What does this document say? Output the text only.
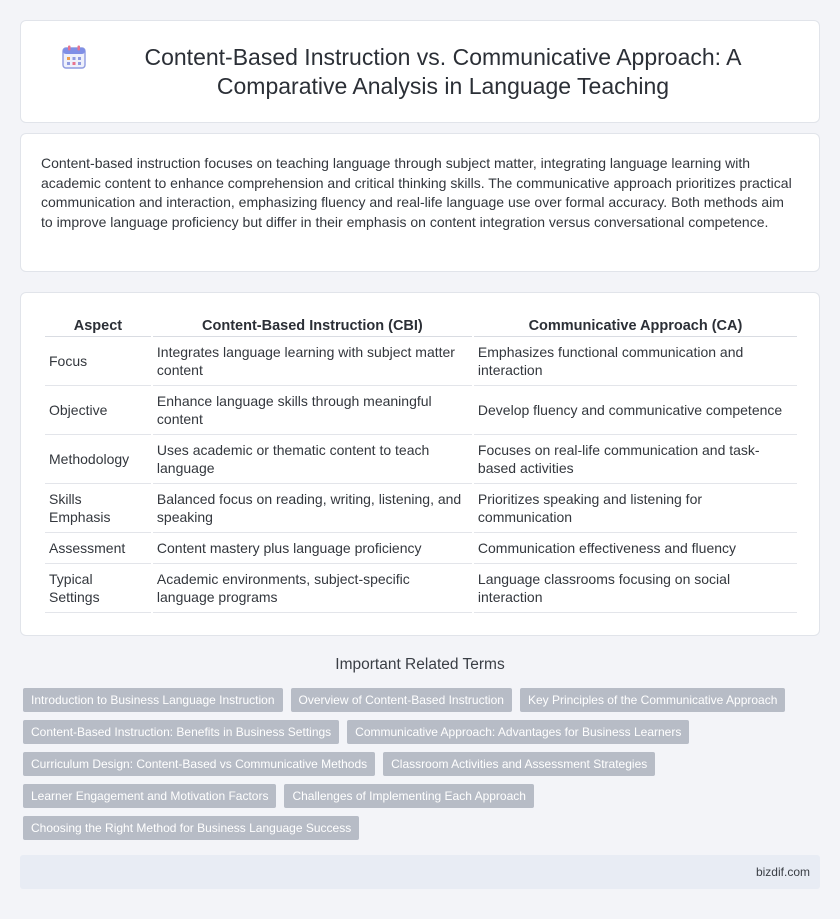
Content-Based Instruction vs. Communicative Approach: A Comparative Analysis in Language Teaching

Content-based instruction focuses on teaching language through subject matter, integrating language learning with academic content to enhance comprehension and critical thinking skills. The communicative approach prioritizes practical communication and interaction, emphasizing fluency and real-life language use over formal accuracy. Both methods aim to improve language proficiency but differ in their emphasis on content integration versus conversational competence.

Aspect	Content-Based Instruction (CBI)	Communicative Approach (CA)
Focus	Integrates language learning with subject matter content	Emphasizes functional communication and interaction
Objective	Enhance language skills through meaningful content	Develop fluency and communicative competence
Methodology	Uses academic or thematic content to teach language	Focuses on real-life communication and task-based activities
Skills Emphasis	Balanced focus on reading, writing, listening, and speaking	Prioritizes speaking and listening for communication
Assessment	Content mastery plus language proficiency	Communication effectiveness and fluency
Typical Settings	Academic environments, subject-specific language programs	Language classrooms focusing on social interaction
Important Related Terms
Introduction to Business Language Instruction	Overview of Content-Based Instruction	Key Principles of the Communicative Approach
Content-Based Instruction: Benefits in Business Settings	Communicative Approach: Advantages for Business Learners
Curriculum Design: Content-Based vs Communicative Methods	Classroom Activities and Assessment Strategies
Learner Engagement and Motivation Factors	Challenges of Implementing Each Approach
Choosing the Right Method for Business Language Success
bizdif.com
